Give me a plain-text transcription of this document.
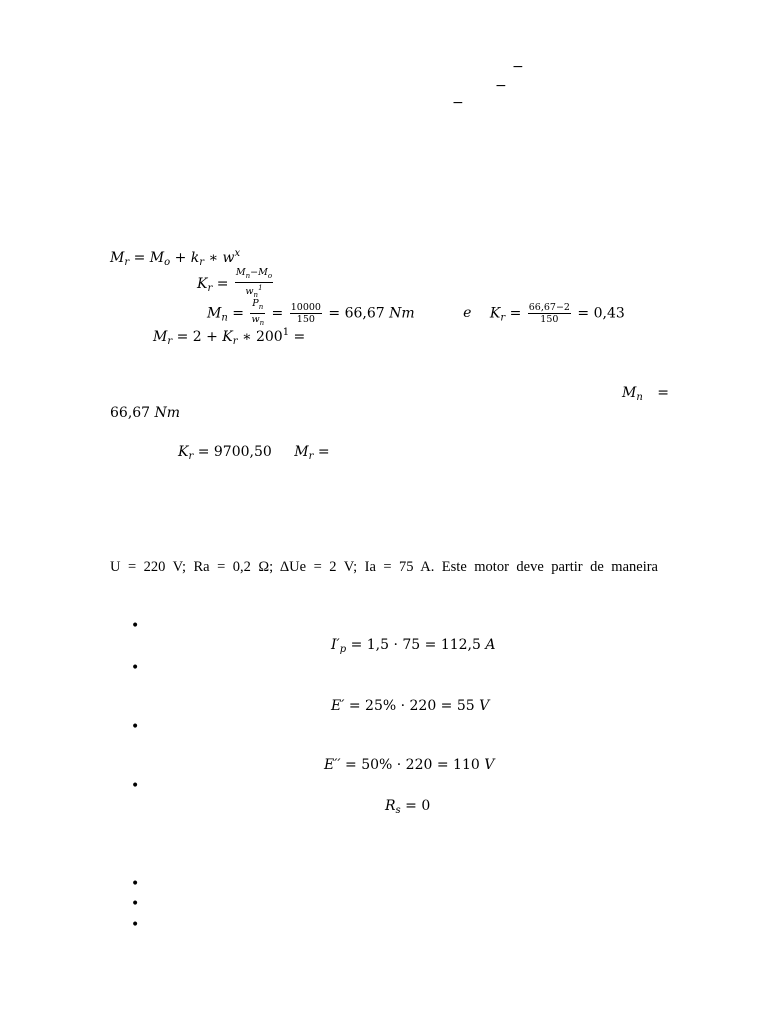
−
−
−
$M_r = M_o + k_r$ ∗ $w^x$
$K_r = \frac{M_n-M_o}{w_n^1}$
$M_n = \frac{P_n}{w_n} = \frac{10000}{150} = 66,67$ Nm	e $K_r = \frac{66,67-2}{150} = 0,43$
$M_r = 2 + K_r$ ∗ $200^1$ =
$M_n$ =
66,67 Nm
$K_r = 9700,50$ $M_r$ =
U = 220 V; Ra = 0,2 Ω; ΔUe = 2 V; Ia = 75 A. Este motor deve partir de maneira
•
•
•
•
•
•
•
$I'_p = 1,5 \cdot 75 = 112,5$ A
E′ = 25% · 220 = 55 V
E′′ = 50% · 220 = 110 V
$R_s = 0$
